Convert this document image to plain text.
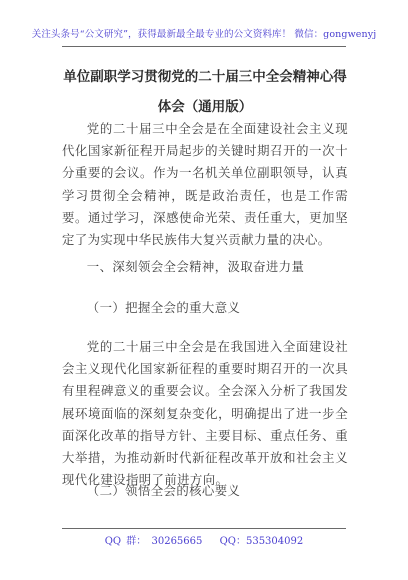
关注头条号“公文研究”，获得最新最全最专业的公文资料库！ 微信：gongwenyj
单位副职学习贯彻党的二十届三中全会精神心得体会（通用版）

党的二十届三中全会是在全面建设社会主义现代化国家新征程开局起步的关键时期召开的一次十分重要的会议。作为一名机关单位副职领导，认真学习贯彻全会精神，既是政治责任，也是工作需要。通过学习，深感使命光荣、责任重大，更加坚定了为实现中华民族伟大复兴贡献力量的决心。

一、深刻领会全会精神，汲取奋进力量
（一）把握全会的重大意义

党的二十届三中全会是在我国进入全面建设社会主义现代化国家新征程的重要时期召开的一次具有里程碑意义的重要会议。全会深入分析了我国发展环境面临的深刻复杂变化，明确提出了进一步全面深化改革的指导方针、主要目标、重点任务、重大举措，为推动新时代新征程改革开放和社会主义现代化建设指明了前进方向。

（二）领悟全会的核心要义
QQ 群： 30265665 QQ：535304092
